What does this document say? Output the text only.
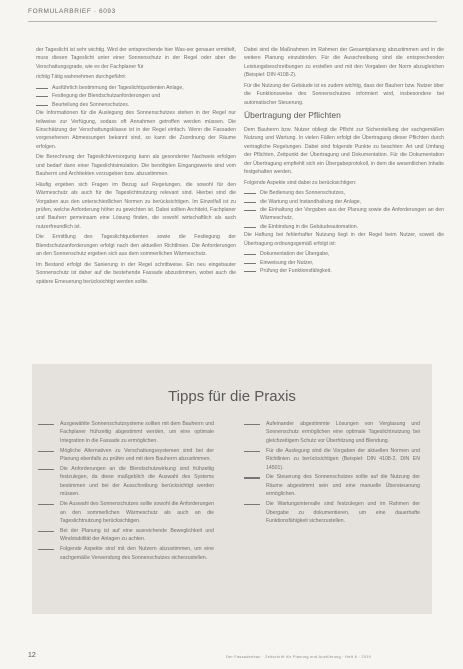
FORMULARBRIEF · 6093

der Tageslicht ist sehr wichtig. Wird der entsprechende hier Was-ser genauer ermittelt, muss diesen Tageslicht unter einer Sonnenschutz in der Regel oder aber die Verschattungsgrade, wie es der Fachplaner für

richtig Tätig wahrnehmen durchgeführt:

Ausführlich bestimmung der Tageslichtquotienten Anlage,

Festlegung der Blendschutzanforderungen und

Beurteilung des Sonnenschutzes.

Die Informationen für die Auslegung des Sonnenschutzes stehen in der Regel nur teilweise zur Verfügung, sodass oft Annahmen getroffen werden müssen. Die Einschätzung der Verschattungsklasse ist in der Regel einfach. Wenn die Fassaden vorgesehenen Abmessungen bekannt sind, so kann die Zuordnung der Räume erfolgen.

Die Berechnung der Tageslichtversorgung kann als gesonderter Nachweis erfolgen und bedarf dann einer Tageslichtsimulation. Die benötigten Eingangswerte sind vom Bauherrn und Architekten vorzugeben bzw. abzustimmen.

Häufig ergeben sich Fragen im Bezug auf Regelungen, die sowohl für den Wärmeschutz als auch für die Tageslichtnutzung relevant sind. Hierbei sind die Vorgaben aus den unterschiedlichen Normen zu berücksichtigen. Im Einzelfall ist zu prüfen, welche Anforderung höher zu gewichten ist. Dabei sollten Architekt, Fachplaner und Bauherr gemeinsam eine Lösung finden, die sowohl wirtschaftlich als auch nutzerfreundlich ist.

Die Ermittlung des Tageslichtquotienten sowie die Festlegung der Blendschutzanforderungen erfolgt nach den aktuellen Richtlinien. Die Anforderungen an den Sonnenschutz ergeben sich aus dem sommerlichen Wärmeschutz.

Im Bestand erfolgt die Sanierung in der Regel schrittweise. Ein neu eingebauter Sonnenschutz ist daher auf die bestehende Fassade abzustimmen, wobei auch die spätere Erneuerung berücksichtigt werden sollte.

Dabei sind die Maßnahmen im Rahmen der Gesamtplanung abzustimmen und in die weitere Planung einzubinden. Für die Ausschreibung sind die entsprechenden Leistungsbeschreibungen zu erstellen und mit den Vorgaben der Norm abzugleichen (Beispiel: DIN 4108-2).

Für die Nutzung der Gebäude ist es zudem wichtig, dass der Bauherr bzw. Nutzer über die Funktionsweise des Sonnenschutzes informiert wird, insbesondere bei automatischer Steuerung.

Übertragung der Pflichten

Dem Bauherrn bzw. Nutzer obliegt die Pflicht zur Sicherstellung der sachgemäßen Nutzung und Wartung. In vielen Fällen erfolgt die Übertragung dieser Pflichten durch vertragliche Regelungen. Dabei sind folgende Punkte zu beachten: Art und Umfang der Pflichten, Zeitpunkt der Übertragung und Dokumentation. Für die Dokumentation der Übertragung empfiehlt sich ein Übergabeprotokoll, in dem die wesentlichen Inhalte festgehalten werden.

Folgende Aspekte sind dabei zu berücksichtigen:

Die Bedienung des Sonnenschutzes,

die Wartung und Instandhaltung der Anlage,

die Einhaltung der Vorgaben aus der Planung sowie die Anforderungen an den Wärmeschutz,

die Einbindung in die Gebäudeautomation.

Die Haftung bei fehlerhafter Nutzung liegt in der Regel beim Nutzer, soweit die Übertragung ordnungsgemäß erfolgt ist:

Dokumentation der Übergabe,

Einweisung der Nutzer,

Prüfung der Funktionsfähigkeit.

Tipps für die Praxis

Ausgewählte Sonnenschutzsysteme sollten mit dem Bauherrn und Fachplaner frühzeitig abgestimmt werden, um eine optimale Integration in die Fassade zu ermöglichen.

Mögliche Alternativen zu Verschattungssystemen sind bei der Planung ebenfalls zu prüfen und mit dem Bauherrn abzustimmen.

Die Anforderungen an die Blendschutzwirkung sind frühzeitig festzulegen, da diese maßgeblich die Auswahl des Systems bestimmen und bei der Ausschreibung berücksichtigt werden müssen.

Die Auswahl des Sonnenschutzes sollte sowohl die Anforderungen an den sommerlichen Wärmeschutz als auch an die Tageslichtnutzung berücksichtigen.

Bei der Planung ist auf eine ausreichende Beweglichkeit und Windstabilität der Anlagen zu achten.

Folgende Aspekte sind mit den Nutzern abzustimmen, um eine sachgemäße Verwendung des Sonnenschutzes sicherzustellen.

Aufeinander abgestimmte Lösungen von Verglasung und Sonnenschutz ermöglichen eine optimale Tageslichtnutzung bei gleichzeitigem Schutz vor Überhitzung und Blendung.

Für die Auslegung sind die Vorgaben der aktuellen Normen und Richtlinien zu berücksichtigen (Beispiel: DIN 4108-2, DIN EN 14501).

Die Steuerung des Sonnenschutzes sollte auf die Nutzung der Räume abgestimmt sein und eine manuelle Übersteuerung ermöglichen.

Die Wartungsintervalle sind festzulegen und im Rahmen der Übergabe zu dokumentieren, um eine dauerhafte Funktionsfähigkeit sicherzustellen.

12	Der Fassadenbau · Zeitschrift für Planung und Ausführung · Heft 6 · 2019
